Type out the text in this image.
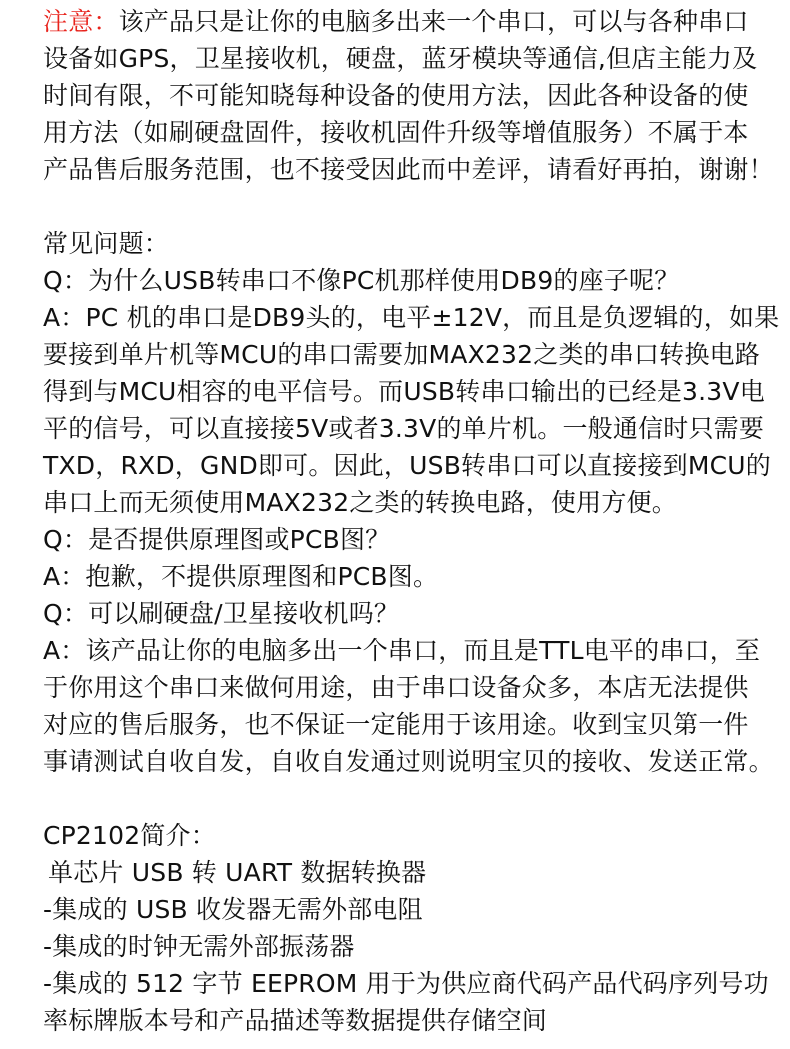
注意：该产品只是让你的电脑多出来一个串口，可以与各种串口
设备如GPS，卫星接收机，硬盘，蓝牙模块等通信,但店主能力及
时间有限，不可能知晓每种设备的使用方法，因此各种设备的使
用方法（如刷硬盘固件，接收机固件升级等增值服务）不属于本
产品售后服务范围，也不接受因此而中差评，请看好再拍，谢谢！
常见问题：
Q：为什么USB转串口不像PC机那样使用DB9的座子呢？
A：PC 机的串口是DB9头的，电平±12V，而且是负逻辑的，如果
要接到单片机等MCU的串口需要加MAX232之类的串口转换电路
得到与MCU相容的电平信号。而USB转串口输出的已经是3.3V电
平的信号，可以直接接5V或者3.3V的单片机。一般通信时只需要
TXD，RXD，GND即可。因此，USB转串口可以直接接到MCU的
串口上而无须使用MAX232之类的转换电路，使用方便。
Q：是否提供原理图或PCB图？
A：抱歉，不提供原理图和PCB图。
Q：可以刷硬盘/卫星接收机吗？
A：该产品让你的电脑多出一个串口，而且是TTL电平的串口，至
于你用这个串口来做何用途，由于串口设备众多，本店无法提供
对应的售后服务，也不保证一定能用于该用途。收到宝贝第一件
事请测试自收自发，自收自发通过则说明宝贝的接收、发送正常。
CP2102简介：
单芯片 USB 转 UART 数据转换器
-集成的 USB 收发器无需外部电阻
-集成的时钟无需外部振荡器
-集成的 512 字节 EEPROM 用于为供应商代码产品代码序列号功
率标牌版本号和产品描述等数据提供存储空间
